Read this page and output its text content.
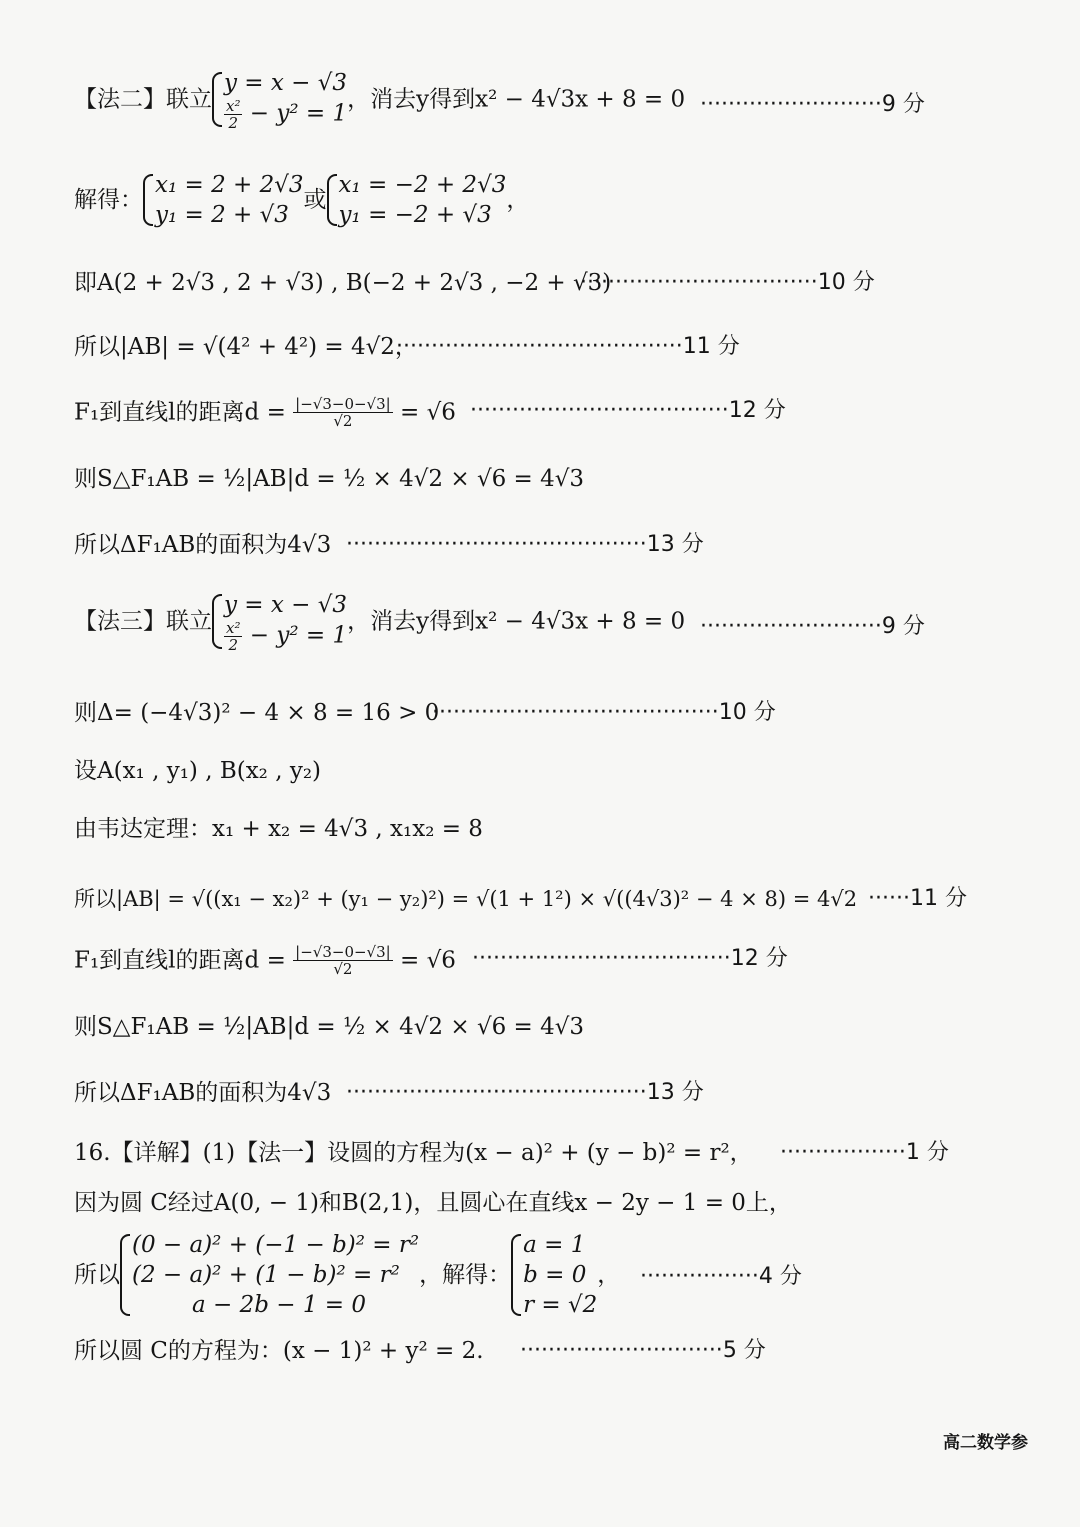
【法二】联立
y = x − √3
$\frac{\text{x²}}{2} - y^2 = 1$
，消去y得到x² − 4√3x + 8 = 0 ··························9 分
解得：
x₁ = 2 + 2√3
y₁ = 2 + √3
或
x₁ = −2 + 2√3
y₁ = −2 + √3
，
即A(2 + 2√3 , 2 + √3) , B(−2 + 2√3 , −2 + √3)
··································10 分
所以|AB| = √(4² + 4²) = 4√2，
·········································11 分
F₁到直线l的距离$d = \frac{|-√3-0-√3|}{√2} = √6 \cdot\cdot\cdot\cdot\cdot\cdot\cdot\cdot\cdot\cdot\cdot\cdot\cdot\cdot\cdot\cdot\cdot\cdot\cdot\cdot\cdot\cdot\cdot\cdot\cdot\cdot\cdot\cdot\cdot\cdot\cdot\cdot\cdot\cdot\cdot\cdot\cdot 12$ 分
则S△F₁AB = ½|AB|d = ½ × 4√2 × √6 = 4√3
所以ΔF₁AB的面积为4√3 ···········································13 分
【法三】联立
y = x − √3
$\frac{\text{x²}}{2} - y^2 = 1$
，消去y得到x² − 4√3x + 8 = 0 ··························9 分
则Δ= (−4√3)² − 4 × 8 = 16 > 0
·········································10 分
设A(x₁ , y₁) , B(x₂ , y₂)
由韦达定理：x₁ + x₂ = 4√3 , x₁x₂ = 8
所以|AB| = √((x₁ − x₂)² + (y₁ − y₂)²) = √(1 + 1²) × √((4√3)² − 4 × 8) = 4√2 ······11 分
F₁到直线l的距离$d = \frac{|-√3-0-√3|}{√2} = √6 \cdot\cdot\cdot\cdot\cdot\cdot\cdot\cdot\cdot\cdot\cdot\cdot\cdot\cdot\cdot\cdot\cdot\cdot\cdot\cdot\cdot\cdot\cdot\cdot\cdot\cdot\cdot\cdot\cdot\cdot\cdot\cdot\cdot\cdot\cdot\cdot\cdot 12$ 分
则S△F₁AB = ½|AB|d = ½ × 4√2 × √6 = 4√3
所以ΔF₁AB的面积为4√3 ···········································13 分
16.【详解】(1)【法一】设圆的方程为(x − a)² + (y − b)² = r²， ··················1 分
因为圆 C经过A(0, − 1)和B(2,1)，且圆心在直线x − 2y − 1 = 0上，
所以
(0 − a)² + (−1 − b)² = r²
(2 − a)² + (1 − b)² = r²
a − 2b − 1 = 0
，解得：
a = 1
b = 0
r = √2
， ·················4 分
所以圆 C的方程为：(x − 1)² + y² = 2. ·····························5 分
高二数学参
